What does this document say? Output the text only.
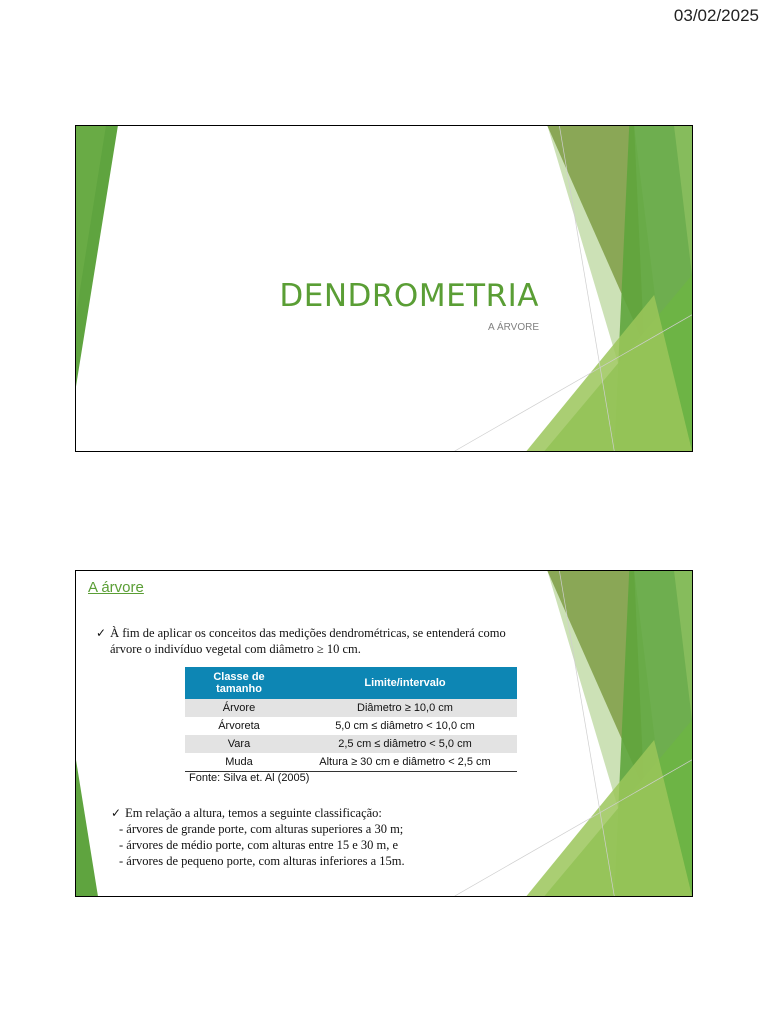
03/02/2025
DENDROMETRIA
A ÁRVORE
A árvore
✓ À fim de aplicar os conceitos das medições dendrométricas, se entenderá como
árvore o indivíduo vegetal com diâmetro ≥ 10 cm.
Classe de tamanho	Limite/intervalo
Árvore	Diâmetro ≥ 10,0 cm
Árvoreta	5,0 cm ≤ diâmetro < 10,0 cm
Vara	2,5 cm ≤ diâmetro < 5,0 cm
Muda	Altura ≥ 30 cm e diâmetro < 2,5 cm
Fonte: Silva et. Al (2005)
✓ Em relação a altura, temos a seguinte classificação:
- árvores de grande porte, com alturas superiores a 30 m;
- árvores de médio porte, com alturas entre 15 e 30 m, e
- árvores de pequeno porte, com alturas inferiores a 15m.
